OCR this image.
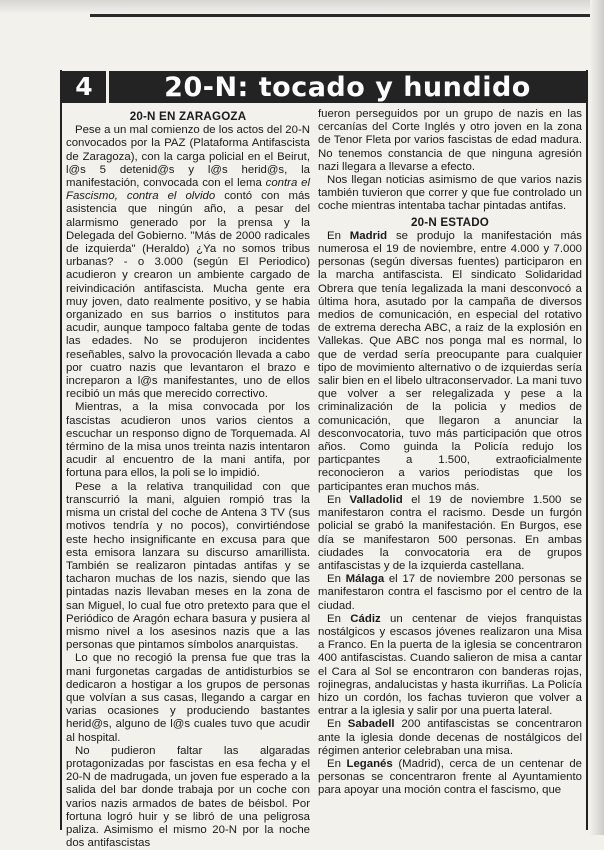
4	20-N: tocado y hundido
20-N EN ZARAGOZA

Pese a un mal comienzo de los actos del 20-N convocados por la PAZ (Plataforma Antifascista de Zaragoza), con la carga policial en el Beirut, l@s 5 detenid@s y l@s herid@s, la manifestación, convocada con el lema contra el Fascismo, contra el olvido contó con más asistencia que ningún año, a pesar del alarmismo generado por la prensa y la Delegada del Gobierno. "Más de 2000 radicales de izquierda" (Heraldo) ¿Ya no somos tribus urbanas? - o 3.000 (según El Periodico) acudieron y crearon un ambiente cargado de reivindicación antifascista. Mucha gente era muy joven, dato realmente positivo, y se habia organizado en sus barrios o institutos para acudir, aunque tampoco faltaba gente de todas las edades. No se produjeron incidentes reseñables, salvo la provocación llevada a cabo por cuatro nazis que levantaron el brazo e increparon a l@s manifestantes, uno de ellos recibió un más que merecido correctivo.

Mientras, a la misa convocada por los fascistas acudieron unos varios cientos a escuchar un responso digno de Torquemada. Al término de la misa unos treinta nazis intentaron acudir al encuentro de la mani antifa, por fortuna para ellos, la poli se lo impidió.

Pese a la relativa tranquilidad con que transcurrió la mani, alguien rompió tras la misma un cristal del coche de Antena 3 TV (sus motivos tendría y no pocos), convirtiéndose este hecho insignificante en excusa para que esta emisora lanzara su discurso amarillista. También se realizaron pintadas antifas y se tacharon muchas de los nazis, siendo que las pintadas nazis llevaban meses en la zona de san Miguel, lo cual fue otro pretexto para que el Periódico de Aragón echara basura y pusiera al mismo nivel a los asesinos nazis que a las personas que pintamos símbolos anarquistas.

Lo que no recogió la prensa fue que tras la mani furgonetas cargadas de antidisturbios se dedicaron a hostigar a los grupos de personas que volvían a sus casas, llegando a cargar en varias ocasiones y produciendo bastantes herid@s, alguno de l@s cuales tuvo que acudir al hospital.

No pudieron faltar las algaradas protagonizadas por fascistas en esa fecha y el 20-N de madrugada, un joven fue esperado a la salida del bar donde trabaja por un coche con varios nazis armados de bates de béisbol. Por fortuna logró huir y se libró de una peligrosa paliza. Asimismo el mismo 20-N por la noche dos antifascistas

fueron perseguidos por un grupo de nazis en las cercanías del Corte Inglés y otro joven en la zona de Tenor Fleta por varios fascistas de edad madura. No tenemos constancia de que ninguna agresión nazi llegara a llevarse a efecto.

Nos llegan noticias asimismo de que varios nazis también tuvieron que correr y que fue controlado un coche mientras intentaba tachar pintadas antifas.

20-N ESTADO

En Madrid se produjo la manifestación más numerosa el 19 de noviembre, entre 4.000 y 7.000 personas (según diversas fuentes) participaron en la marcha antifascista. El sindicato Solidaridad Obrera que tenía legalizada la mani desconvocó a última hora, asutado por la campaña de diversos medios de comunicación, en especial del rotativo de extrema derecha ABC, a raiz de la explosión en Vallekas. Que ABC nos ponga mal es normal, lo que de verdad sería preocupante para cualquier tipo de movimiento alternativo o de izquierdas sería salir bien en el libelo ultraconservador. La mani tuvo que volver a ser relegalizada y pese a la criminalización de la policia y medios de comunicación, que llegaron a anunciar la desconvocatoria, tuvo más participación que otros años. Como guinda la Policía redujo los particpantes a 1.500, extraoficialmente reconocieron a varios periodistas que los participantes eran muchos más.

En Valladolid el 19 de noviembre 1.500 se manifestaron contra el racismo. Desde un furgón policial se grabó la manifestación. En Burgos, ese día se manifestaron 500 personas. En ambas ciudades la convocatoria era de grupos antifascistas y de la izquierda castellana.

En Málaga el 17 de noviembre 200 personas se manifestaron contra el fascismo por el centro de la ciudad.

En Cádiz un centenar de viejos franquistas nostálgicos y escasos jóvenes realizaron una Misa a Franco. En la puerta de la iglesia se concentraron 400 antifascistas. Cuando salieron de misa a cantar el Cara al Sol se encontraron con banderas rojas, rojinegras, andalucistas y hasta ikurriñas. La Policía hizo un cordón, los fachas tuvieron que volver a entrar a la iglesia y salir por una puerta lateral.

En Sabadell 200 antifascistas se concentraron ante la iglesia donde decenas de nostálgicos del régimen anterior celebraban una misa.

En Leganés (Madrid), cerca de un centenar de personas se concentraron frente al Ayuntamiento para apoyar una moción contra el fascismo, que
